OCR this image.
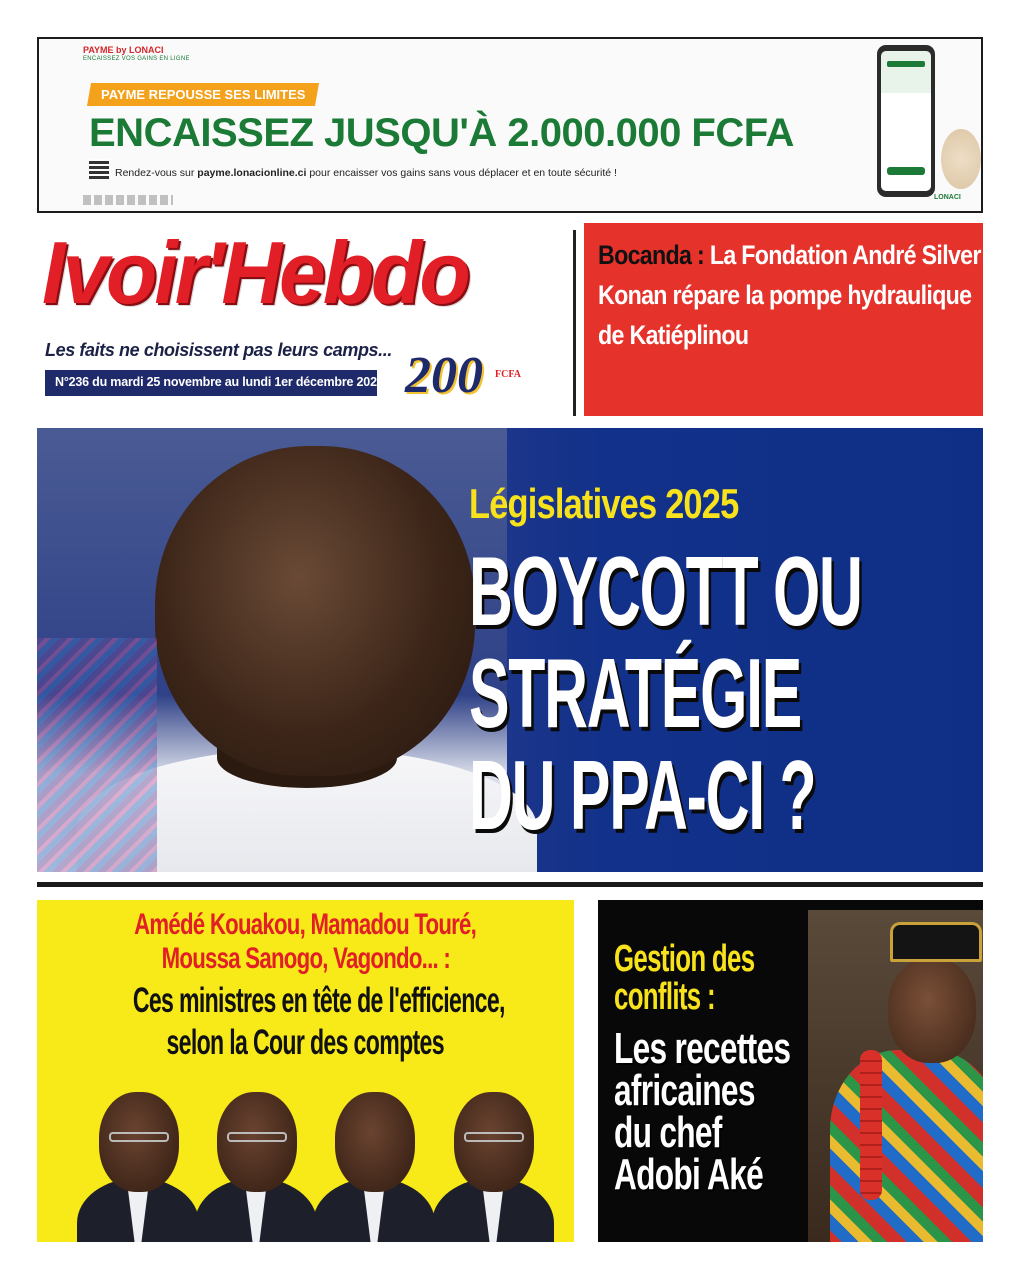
PAYME by LONACI
ENCAISSEZ VOS GAINS EN LIGNE
PAYME REPOUSSE SES LIMITES
ENCAISSEZ JUSQU'À 2.000.000 FCFA
Rendez-vous sur payme.lonacionline.ci pour encaisser vos gains sans vous déplacer et en toute sécurité !
LONACI
Ivoir'Hebdo
Les faits ne choisissent pas leurs camps...
N°236 du mardi 25 novembre au lundi 1er décembre 2025 200 FCFA
Bocanda : La Fondation André Silver Konan répare la pompe hydraulique de Katiéplinou
Législatives 2025
BOYCOTT OU
STRATÉGIE
DU PPA-CI ?
Amédé Kouakou, Mamadou Touré,
Moussa Sanogo, Vagondo... :
Ces ministres en tête de l'efficience,
selon la Cour des comptes
Gestion des
conflits :
Les recettes
africaines
du chef
Adobi Aké
